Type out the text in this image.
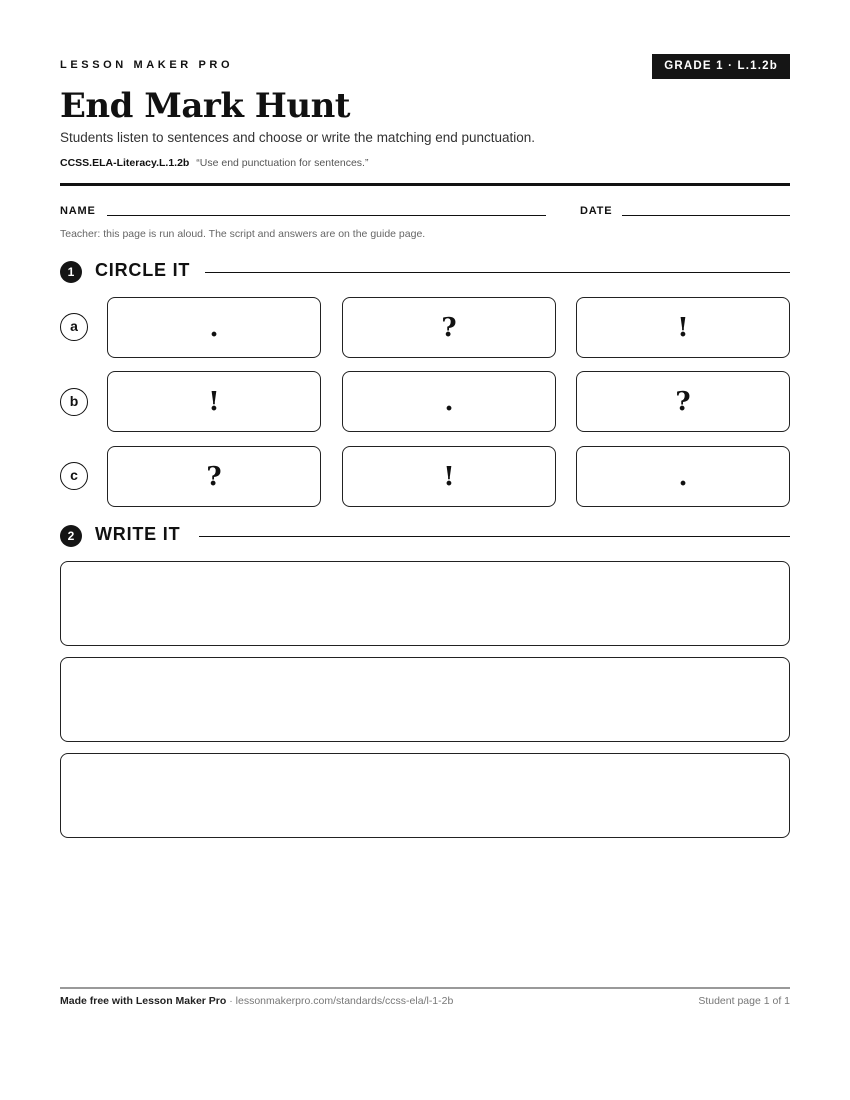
LESSON MAKER PRO	GRADE 1 · L.1.2b
End Mark Hunt

Students listen to sentences and choose or write the matching end punctuation.

CCSS.ELA-Literacy.L.1.2b “Use end punctuation for sentences.”

NAME	DATE
Teacher: this page is run aloud. The script and answers are on the guide page.
1	CIRCLE IT
a	.	?	!
b	!	.	?
c	?	!	.
2	WRITE IT
Made free with Lesson Maker Pro · lessonmakerpro.com/standards/ccss-ela/l-1-2b	Student page 1 of 1
